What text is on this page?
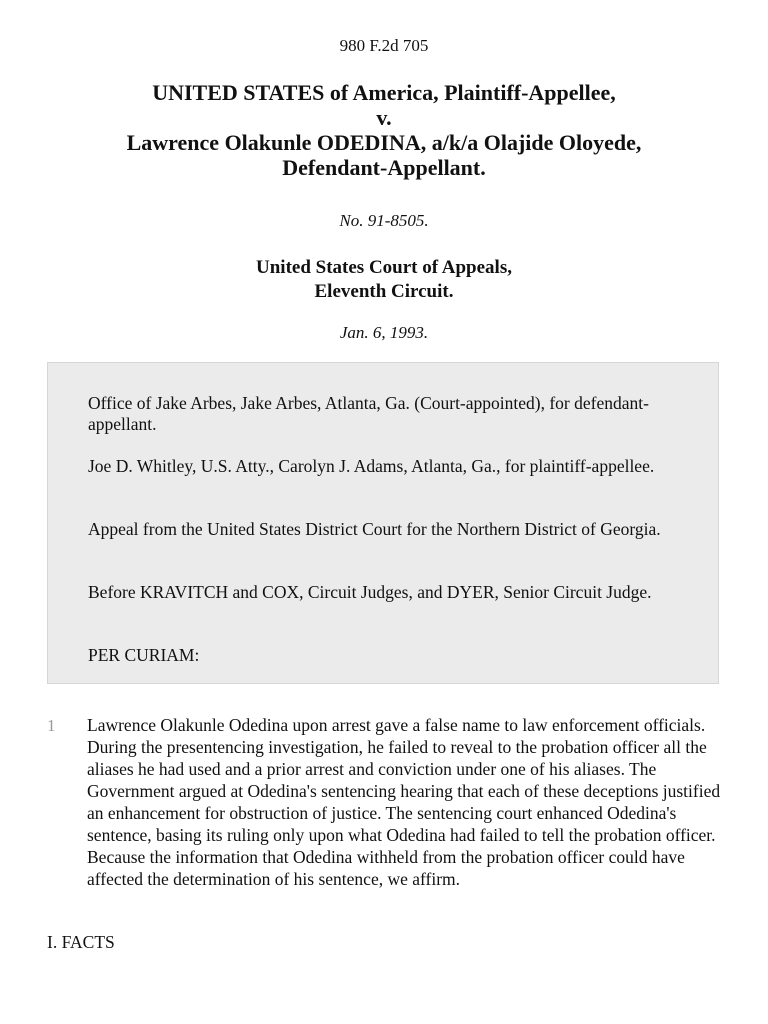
980 F.2d 705
UNITED STATES of America, Plaintiff-Appellee,
v.
Lawrence Olakunle ODEDINA, a/k/a Olajide Oloyede,
Defendant-Appellant.
No. 91-8505.
United States Court of Appeals,
Eleventh Circuit.
Jan. 6, 1993.

Office of Jake Arbes, Jake Arbes, Atlanta, Ga. (Court-appointed), for defendant-appellant.

Joe D. Whitley, U.S. Atty., Carolyn J. Adams, Atlanta, Ga., for plaintiff-appellee.

Appeal from the United States District Court for the Northern District of Georgia.

Before KRAVITCH and COX, Circuit Judges, and DYER, Senior Circuit Judge.

PER CURIAM:

1 Lawrence Olakunle Odedina upon arrest gave a false name to law enforcement officials. During the presentencing investigation, he failed to reveal to the probation officer all the aliases he had used and a prior arrest and conviction under one of his aliases. The Government argued at Odedina's sentencing hearing that each of these deceptions justified an enhancement for obstruction of justice. The sentencing court enhanced Odedina's sentence, basing its ruling only upon what Odedina had failed to tell the probation officer. Because the information that Odedina withheld from the probation officer could have affected the determination of his sentence, we affirm.

I. FACTS
